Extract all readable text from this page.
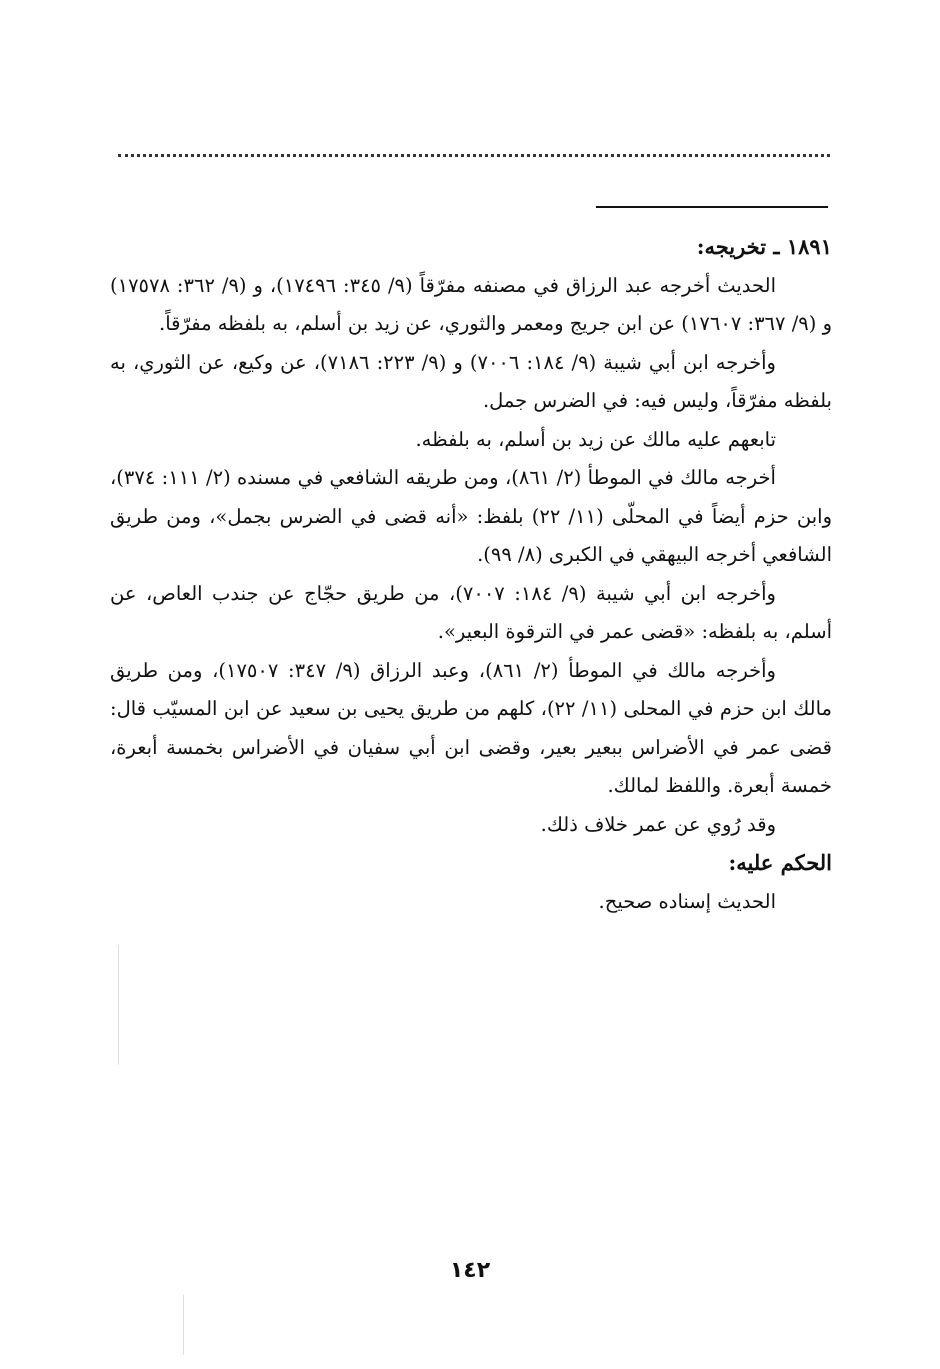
١٨٩١ ـ تخريجه:

الحديث أخرجه عبد الرزاق في مصنفه مفرّقاً (٩/ ٣٤٥: ١٧٤٩٦)، و (٩/ ٣٦٢: ١٧٥٧٨) و (٩/ ٣٦٧: ١٧٦٠٧) عن ابن جريج ومعمر والثوري، عن زيد بن أسلم، به بلفظه مفرّقاً.

وأخرجه ابن أبي شيبة (٩/ ١٨٤: ٧٠٠٦) و (٩/ ٢٢٣: ٧١٨٦)، عن وكيع، عن الثوري، به بلفظه مفرّقاً، وليس فيه: في الضرس جمل.

تابعهم عليه مالك عن زيد بن أسلم، به بلفظه.

أخرجه مالك في الموطأ (٢/ ٨٦١)، ومن طريقه الشافعي في مسنده (٢/ ١١١: ٣٧٤)، وابن حزم أيضاً في المحلّى (١١/ ٢٢) بلفظ: «أنه قضى في الضرس بجمل»، ومن طريق الشافعي أخرجه البيهقي في الكبرى (٨/ ٩٩).

وأخرجه ابن أبي شيبة (٩/ ١٨٤: ٧٠٠٧)، من طريق حجّاج عن جندب العاص، عن أسلم، به بلفظه: «قضى عمر في الترقوة البعير».

وأخرجه مالك في الموطأ (٢/ ٨٦١)، وعبد الرزاق (٩/ ٣٤٧: ١٧٥٠٧)، ومن طريق مالك ابن حزم في المحلى (١١/ ٢٢)، كلهم من طريق يحيى بن سعيد عن ابن المسيّب قال: قضى عمر في الأضراس ببعير بعير، وقضى ابن أبي سفيان في الأضراس بخمسة أبعرة، خمسة أبعرة. واللفظ لمالك.

وقد رُوي عن عمر خلاف ذلك.

الحكم عليه:

الحديث إسناده صحيح.

١٤٢
